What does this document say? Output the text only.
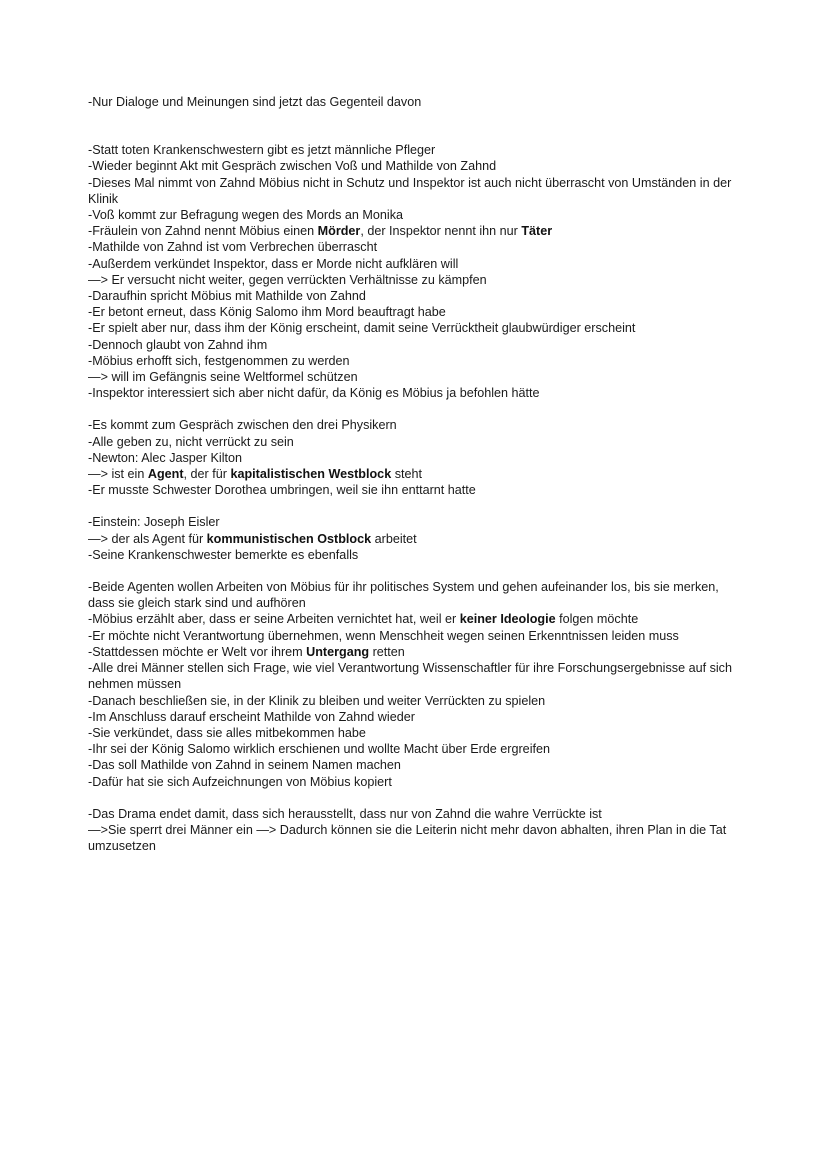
-Nur Dialoge und Meinungen sind jetzt das Gegenteil davon
-Statt toten Krankenschwestern gibt es jetzt männliche Pfleger
-Wieder beginnt Akt mit Gespräch zwischen Voß und Mathilde von Zahnd
-Dieses Mal nimmt von Zahnd Möbius nicht in Schutz und Inspektor ist auch nicht überrascht von Umständen in der Klinik
-Voß kommt zur Befragung wegen des Mords an Monika
-Fräulein von Zahnd nennt Möbius einen Mörder, der Inspektor nennt ihn nur Täter
-Mathilde von Zahnd ist vom Verbrechen überrascht
-Außerdem verkündet Inspektor, dass er Morde nicht aufklären will
—> Er versucht nicht weiter, gegen verrückten Verhältnisse zu kämpfen
-Daraufhin spricht Möbius mit Mathilde von Zahnd
-Er betont erneut, dass König Salomo ihm Mord beauftragt habe
-Er spielt aber nur, dass ihm der König erscheint, damit seine Verrücktheit glaubwürdiger erscheint
-Dennoch glaubt von Zahnd ihm
-Möbius erhofft sich, festgenommen zu werden
—> will im Gefängnis seine Weltformel schützen
-Inspektor interessiert sich aber nicht dafür, da König es Möbius ja befohlen hätte
-Es kommt zum Gespräch zwischen den drei Physikern
-Alle geben zu, nicht verrückt zu sein
-Newton: Alec Jasper Kilton
—> ist ein Agent, der für kapitalistischen Westblock steht
-Er musste Schwester Dorothea umbringen, weil sie ihn enttarnt hatte
-Einstein: Joseph Eisler
—> der als Agent für kommunistischen Ostblock arbeitet
-Seine Krankenschwester bemerkte es ebenfalls
-Beide Agenten wollen Arbeiten von Möbius für ihr politisches System und gehen aufeinander los, bis sie merken, dass sie gleich stark sind und aufhören
-Möbius erzählt aber, dass er seine Arbeiten vernichtet hat, weil er keiner Ideologie folgen möchte
-Er möchte nicht Verantwortung übernehmen, wenn Menschheit wegen seinen Erkenntnissen leiden muss
-Stattdessen möchte er Welt vor ihrem Untergang retten
-Alle drei Männer stellen sich Frage, wie viel Verantwortung Wissenschaftler für ihre Forschungsergebnisse auf sich nehmen müssen
-Danach beschließen sie, in der Klinik zu bleiben und weiter Verrückten zu spielen
-Im Anschluss darauf erscheint Mathilde von Zahnd wieder
-Sie verkündet, dass sie alles mitbekommen habe
-Ihr sei der König Salomo wirklich erschienen und wollte Macht über Erde ergreifen
-Das soll Mathilde von Zahnd in seinem Namen machen
-Dafür hat sie sich Aufzeichnungen von Möbius kopiert
-Das Drama endet damit, dass sich herausstellt, dass nur von Zahnd die wahre Verrückte ist
—>Sie sperrt drei Männer ein —> Dadurch können sie die Leiterin nicht mehr davon abhalten, ihren Plan in die Tat umzusetzen
